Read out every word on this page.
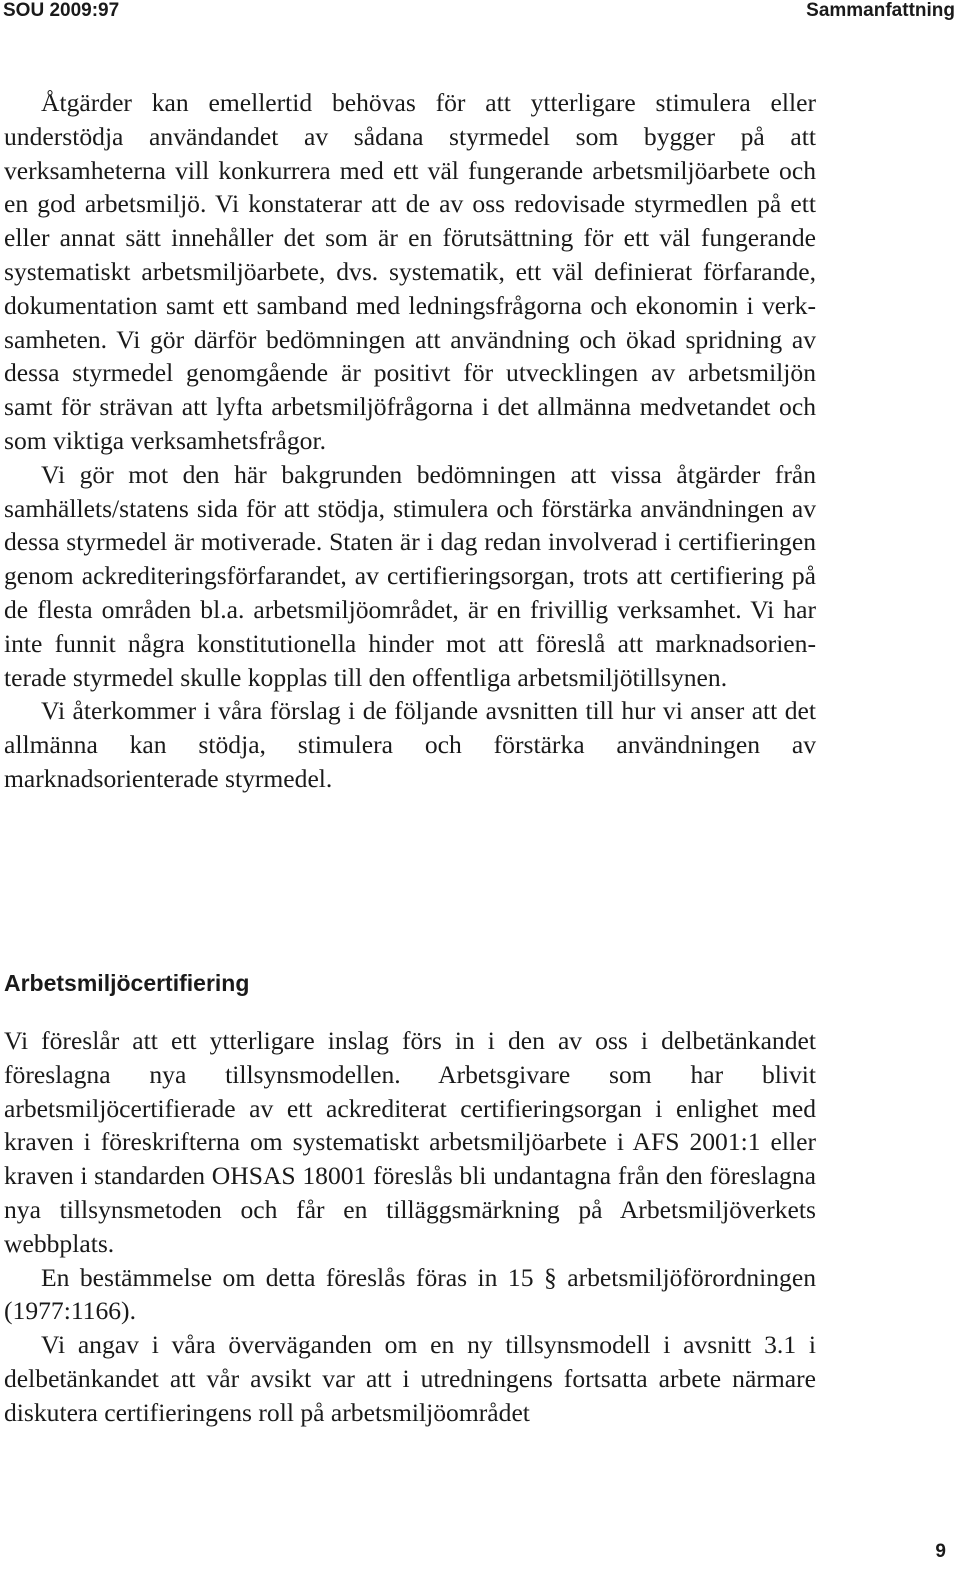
SOU 2009:97	Sammanfattning

Åtgärder kan emellertid behövas för att ytterligare stimulera eller understödja användandet av sådana styrmedel som bygger på att verksamheterna vill konkurrera med ett väl fungerande arbetsmiljöarbete och en god arbetsmiljö. Vi konstaterar att de av oss redovisade styrmedlen på ett eller annat sätt innehåller det som är en förutsättning för ett väl fungerande systematiskt arbetsmiljöarbete, dvs. systematik, ett väl definierat förfarande, dokumentation samt ett samband med ledningsfrågorna och ekonomin i verksamheten. Vi gör därför bedömningen att användning och ökad spridning av dessa styrmedel genomgående är positivt för utvecklingen av arbetsmiljön samt för strävan att lyfta arbetsmiljöfrågorna i det allmänna medvetandet och som viktiga verksamhetsfrågor.

Vi gör mot den här bakgrunden bedömningen att vissa åtgärder från samhällets/statens sida för att stödja, stimulera och förstärka användningen av dessa styrmedel är motiverade. Staten är i dag redan involverad i certifieringen genom ackrediteringsförfarandet, av certifieringsorgan, trots att certifiering på de flesta områden bl.a. arbetsmiljöområdet, är en frivillig verksamhet. Vi har inte funnit några konstitutionella hinder mot att föreslå att marknadsorienterade styrmedel skulle kopplas till den offentliga arbetsmiljötillsynen.

Vi återkommer i våra förslag i de följande avsnitten till hur vi anser att det allmänna kan stödja, stimulera och förstärka användningen av marknadsorienterade styrmedel.

Arbetsmiljöcertifiering

Vi föreslår att ett ytterligare inslag förs in i den av oss i delbetänkandet föreslagna nya tillsynsmodellen. Arbetsgivare som har blivit arbetsmiljöcertifierade av ett ackrediterat certifieringsorgan i enlighet med kraven i föreskrifterna om systematiskt arbetsmiljöarbete i AFS 2001:1 eller kraven i standarden OHSAS 18001 föreslås bli undantagna från den föreslagna nya tillsynsmetoden och får en tilläggsmärkning på Arbetsmiljöverkets webbplats.

En bestämmelse om detta föreslås föras in 15 § arbetsmiljöförordningen (1977:1166).

Vi angav i våra överväganden om en ny tillsynsmodell i avsnitt 3.1 i delbetänkandet att vår avsikt var att i utredningens fortsatta arbete närmare diskutera certifieringens roll på arbetsmiljöområdet

9
